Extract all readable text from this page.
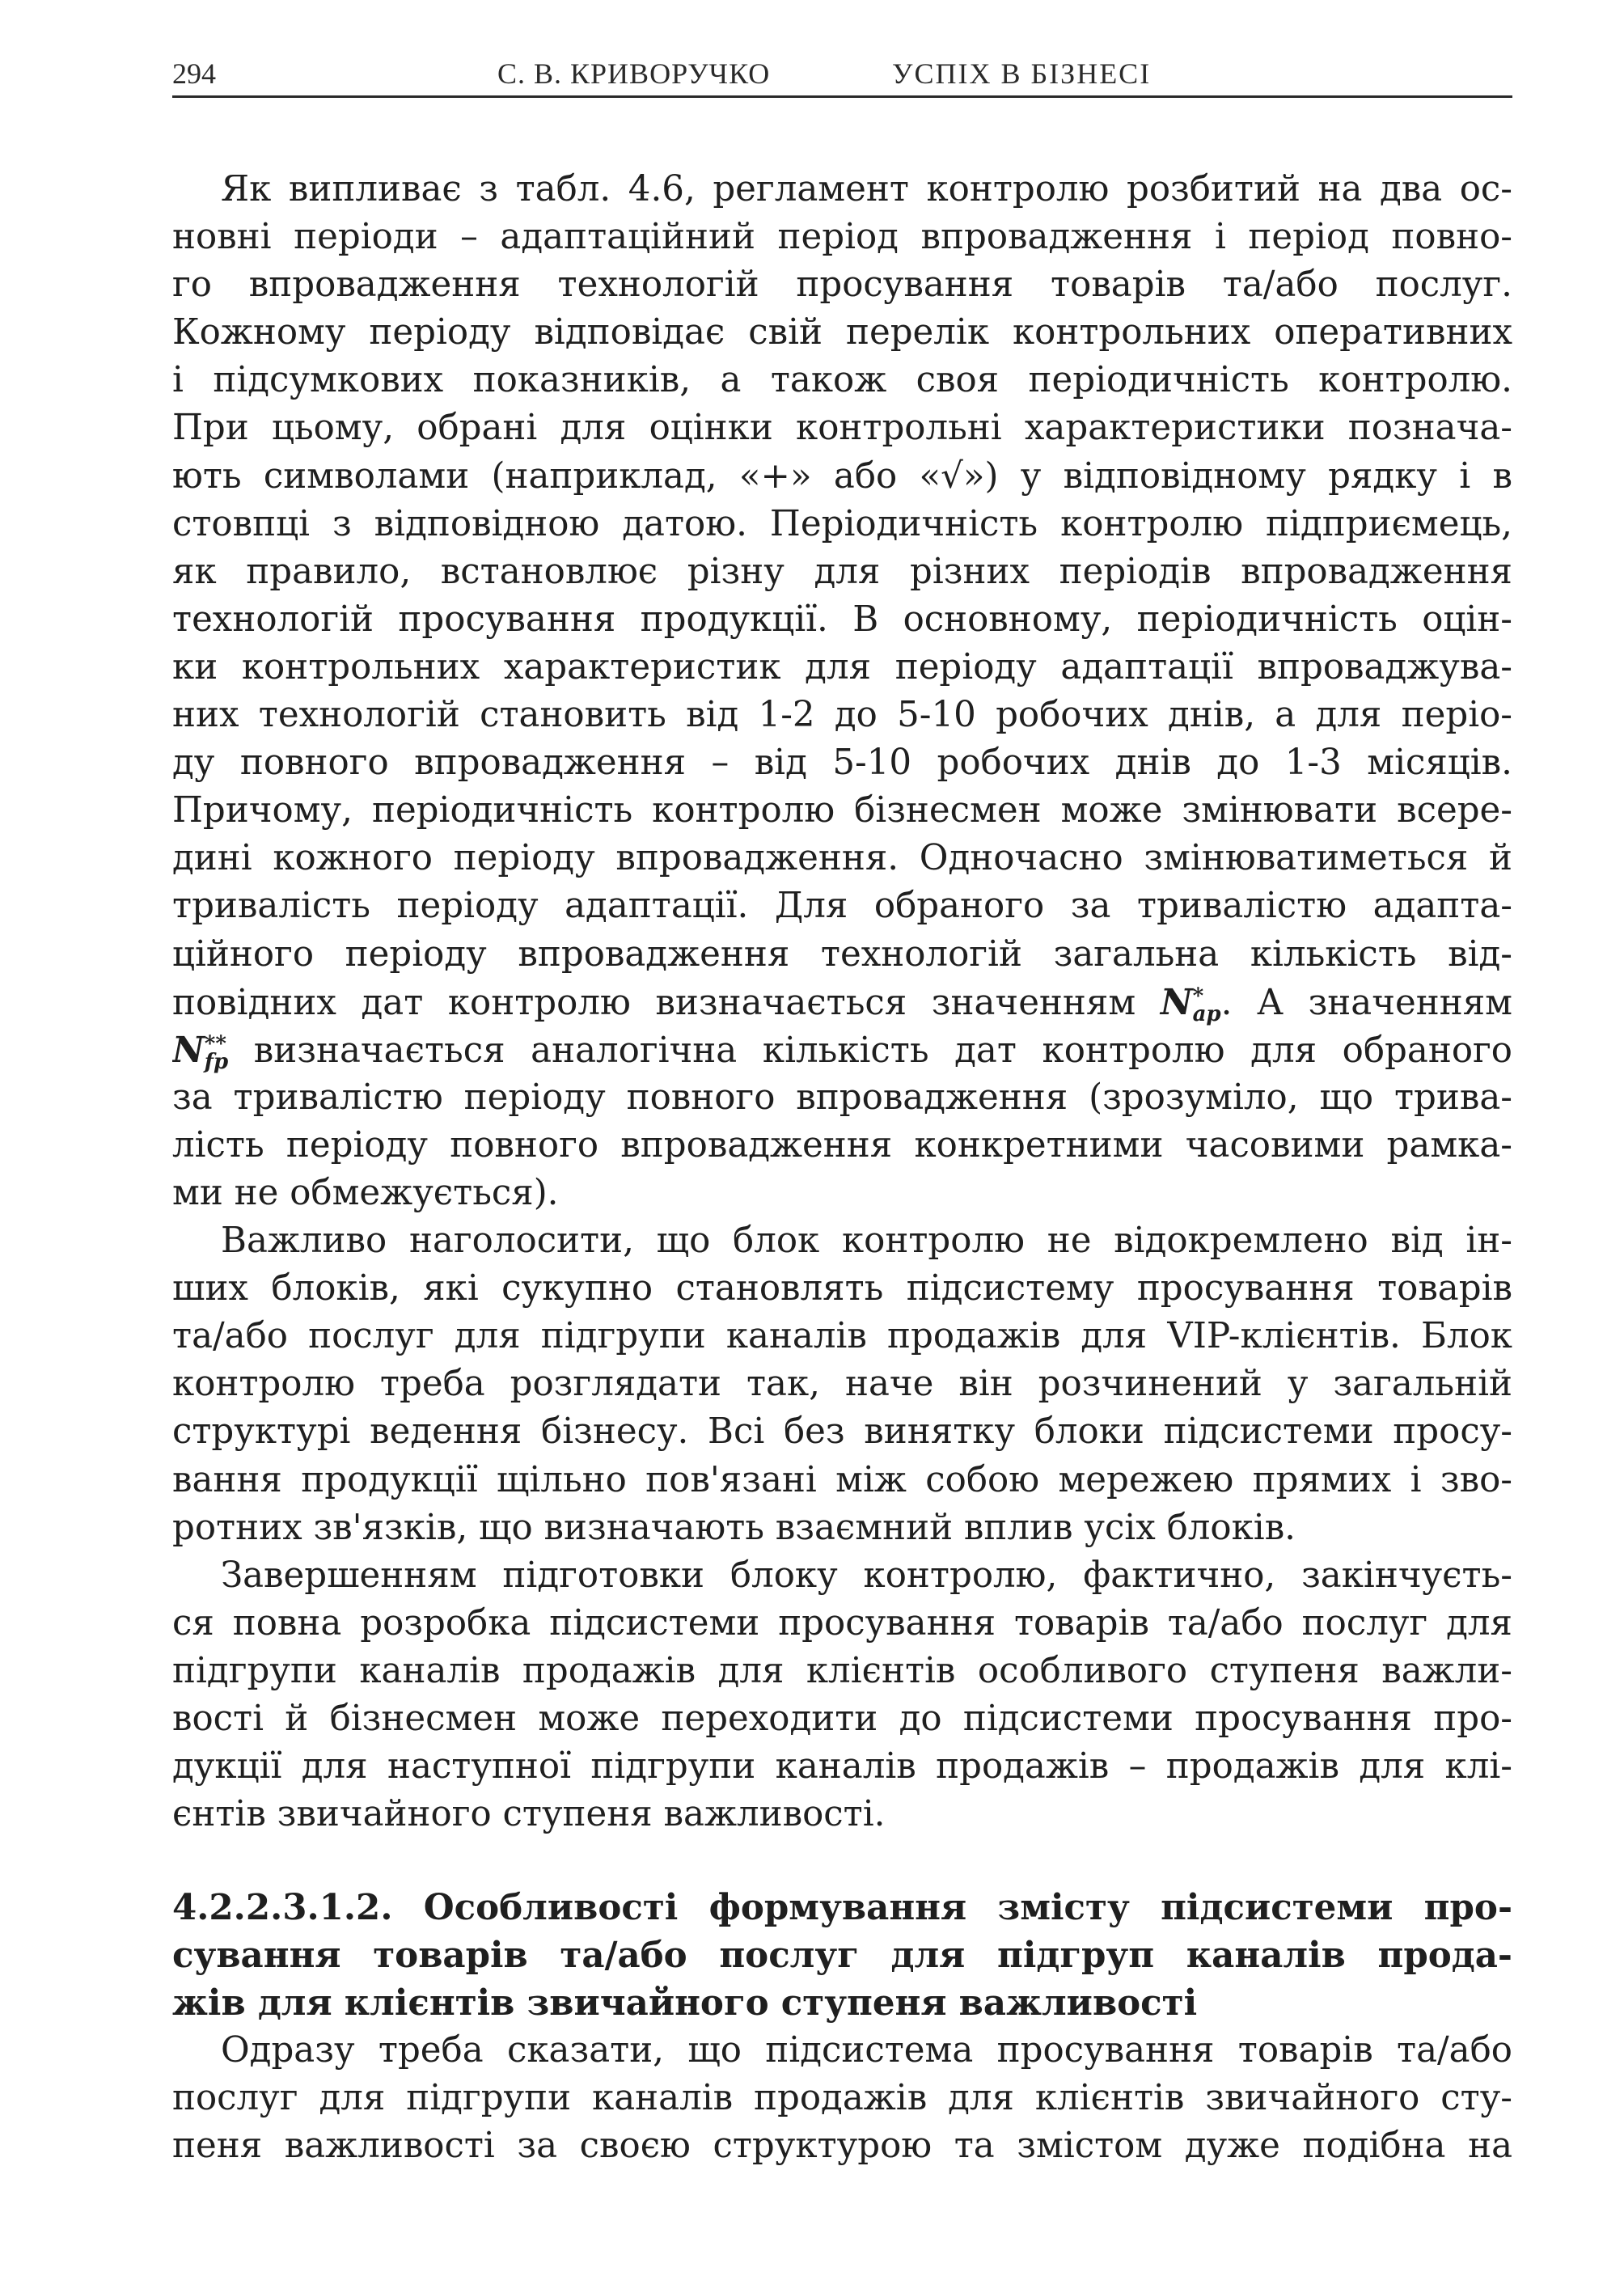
294	С. В. КРИВОРУЧКО	УСПІХ В БІЗНЕСІ
Як випливає з табл. 4.6, регламент контролю розбитий на два ос-
новні періоди – адаптаційний період впровадження і період повно-
го впровадження технологій просування товарів та/або послуг.
Кожному періоду відповідає свій перелік контрольних оперативних
і підсумкових показників, а також своя періодичність контролю.
При цьому, обрані для оцінки контрольні характеристики познача-
ють символами (наприклад, «+» або «√») у відповідному рядку і в
стовпці з відповідною датою. Періодичність контролю підприємець,
як правило, встановлює різну для різних періодів впровадження
технологій просування продукції. В основному, періодичність оцін-
ки контрольних характеристик для періоду адаптації впроваджува-
них технологій становить від 1-2 до 5-10 робочих днів, а для періо-
ду повного впровадження – від 5-10 робочих днів до 1-3 місяців.
Причому, періодичність контролю бізнесмен може змінювати всере-
дині кожного періоду впровадження. Одночасно змінюватиметься й
тривалість періоду адаптації. Для обраного за тривалістю адапта-
ційного періоду впровадження технологій загальна кількість від-
повідних дат контролю визначається значенням N *
ap . А значенням
N **
fp визначається аналогічна кількість дат контролю для обраного
за тривалістю періоду повного впровадження (зрозуміло, що трива-
лість періоду повного впровадження конкретними часовими рамка-
ми не обмежується).
Важливо наголосити, що блок контролю не відокремлено від ін-
ших блоків, які сукупно становлять підсистему просування товарів
та/або послуг для підгрупи каналів продажів для VIP-клієнтів. Блок
контролю треба розглядати так, наче він розчинений у загальній
структурі ведення бізнесу. Всі без винятку блоки підсистеми просу-
вання продукції щільно пов'язані між собою мережею прямих і зво-
ротних зв'язків, що визначають взаємний вплив усіх блоків.
Завершенням підготовки блоку контролю, фактично, закінчуєть-
ся повна розробка підсистеми просування товарів та/або послуг для
підгрупи каналів продажів для клієнтів особливого ступеня важли-
вості й бізнесмен може переходити до підсистеми просування про-
дукції для наступної підгрупи каналів продажів – продажів для клі-
єнтів звичайного ступеня важливості.
4.2.2.3.1.2. Особливості формування змісту підсистеми про-
сування товарів та/або послуг для підгруп каналів прода-
жів для клієнтів звичайного ступеня важливості
Одразу треба сказати, що підсистема просування товарів та/або
послуг для підгрупи каналів продажів для клієнтів звичайного сту-
пеня важливості за своєю структурою та змістом дуже подібна на
